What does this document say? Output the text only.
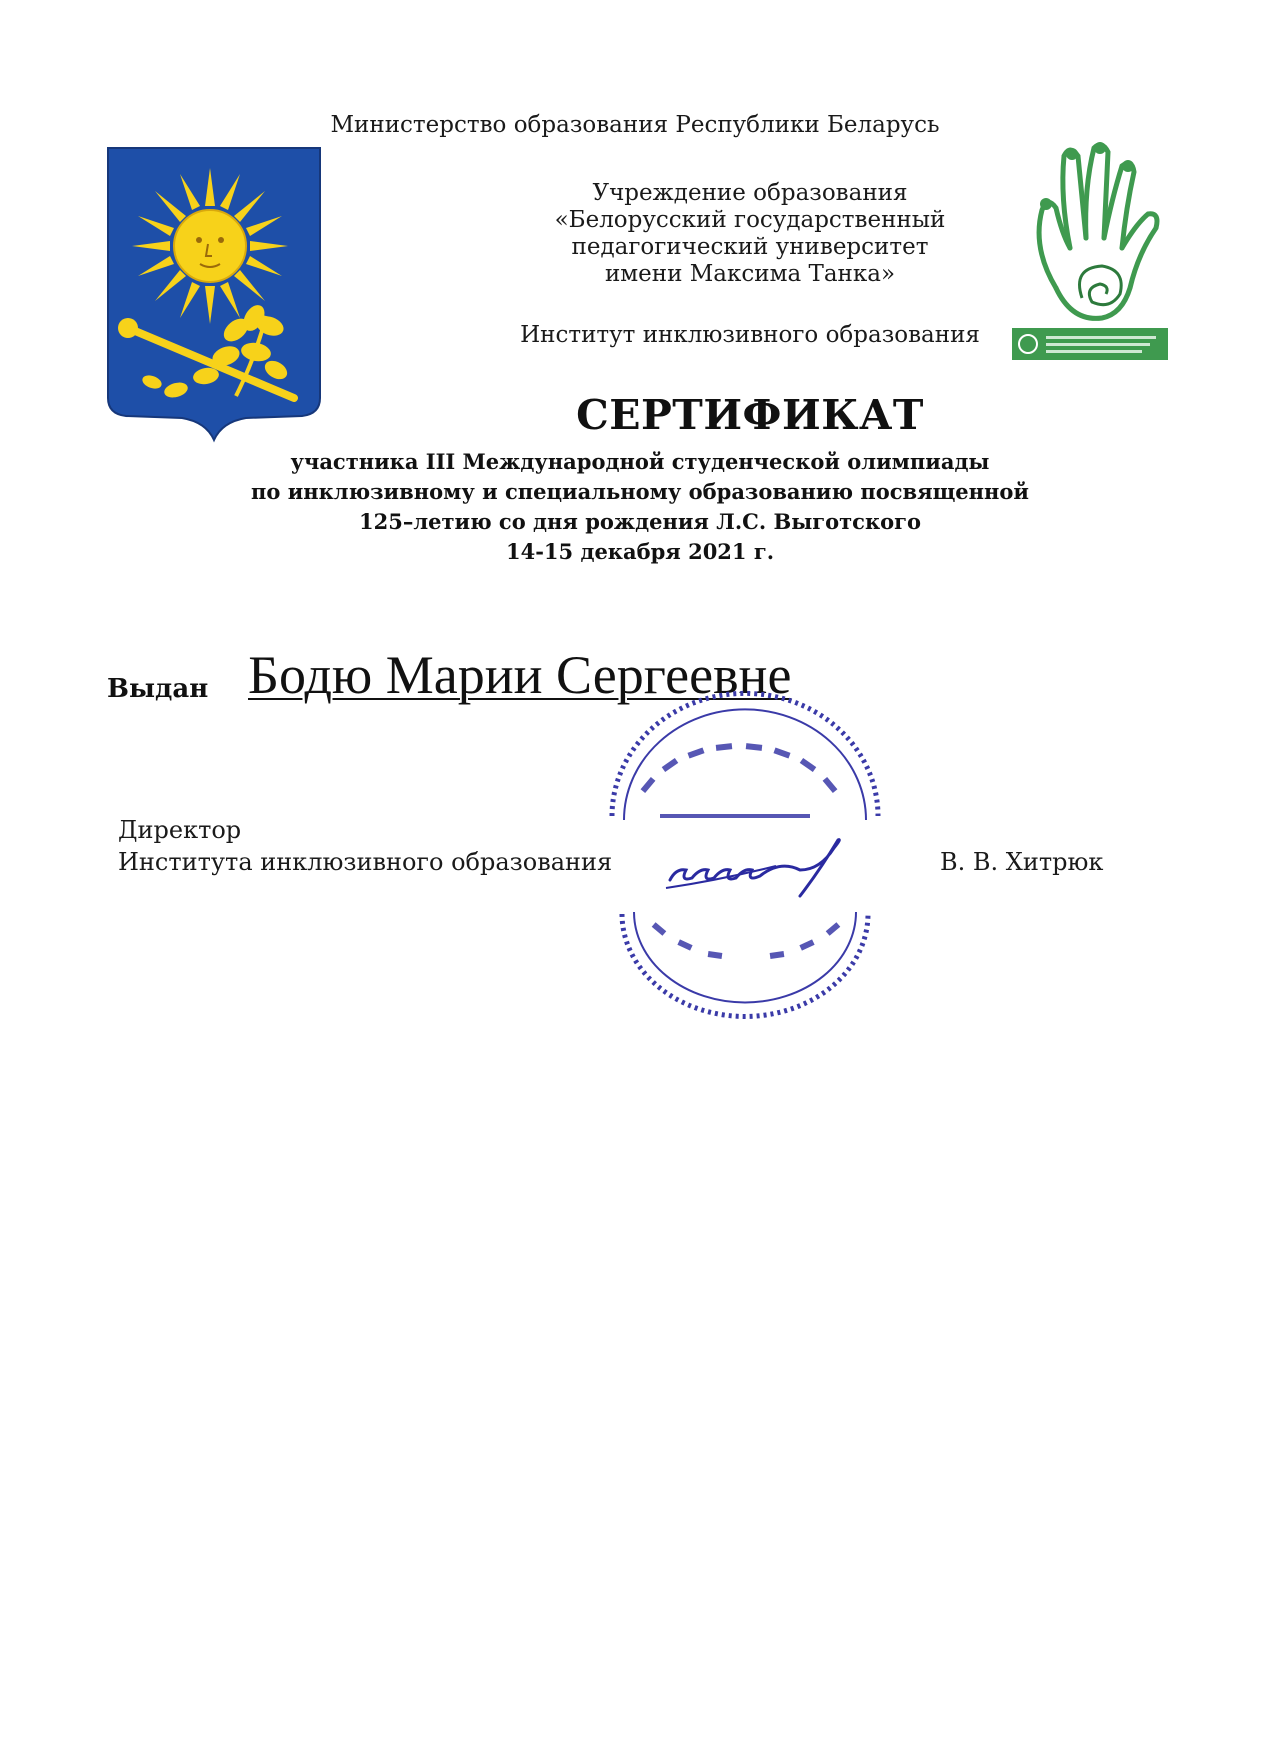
Министерство образования Республики Беларусь
Учреждение образования
«Белорусский государственный
педагогический университет
имени Максима Танка»
Институт инклюзивного образования
СЕРТИФИКАТ
участника III Международной студенческой олимпиады
по инклюзивному и специальному образованию посвященной
125–летию со дня рождения Л.С. Выготского
14-15 декабря 2021 г.
Выдан Бодю Марии Сергеевне
Директор
Института инклюзивного образования	В. В. Хитрюк
